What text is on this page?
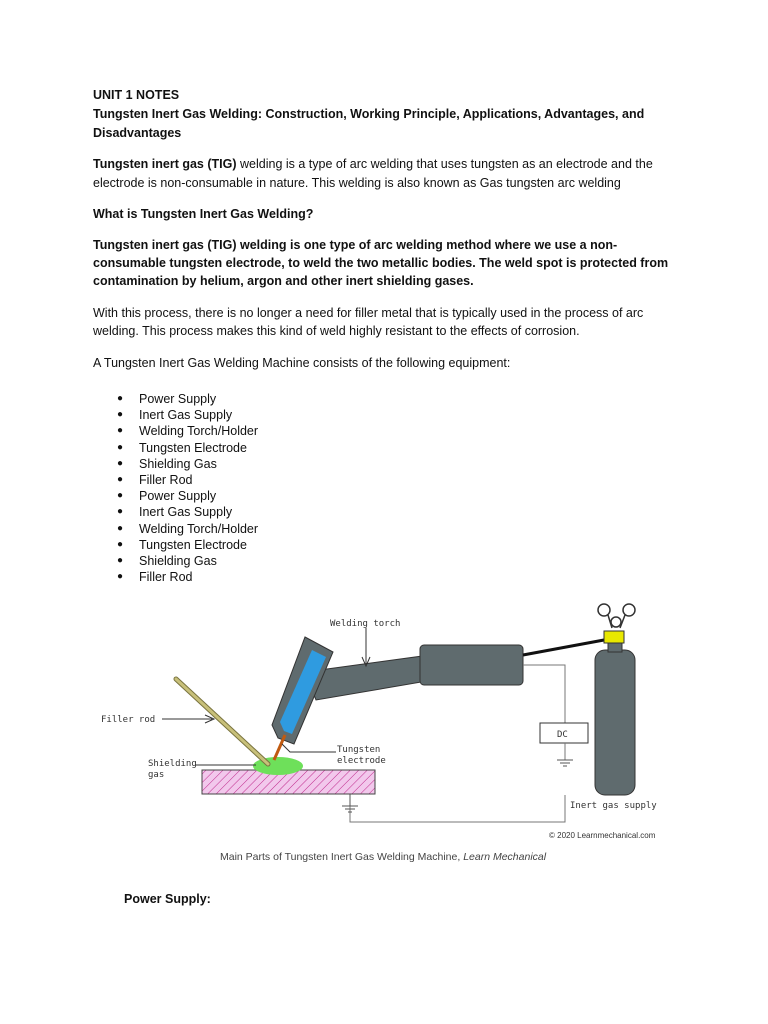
UNIT 1 NOTES
Tungsten Inert Gas Welding: Construction, Working Principle, Applications, Advantages, and
Disadvantages
Tungsten inert gas (TIG) welding is a type of arc welding that uses tungsten as an electrode and the
electrode is non-consumable in nature. This welding is also known as Gas tungsten arc welding
What is Tungsten Inert Gas Welding?
Tungsten inert gas (TIG) welding is one type of arc welding method where we use a non-
consumable tungsten electrode, to weld the two metallic bodies. The weld spot is protected from
contamination by helium, argon and other inert shielding gases.
With this process, there is no longer a need for filler metal that is typically used in the process of arc
welding. This process makes this kind of weld highly resistant to the effects of corrosion.
A Tungsten Inert Gas Welding Machine consists of the following equipment:
● Power Supply
● Inert Gas Supply
● Welding Torch/Holder
● Tungsten Electrode
● Shielding Gas
● Filler Rod
● Power Supply
● Inert Gas Supply
● Welding Torch/Holder
● Tungsten Electrode
● Shielding Gas
● Filler Rod
Welding torch
Filler rod
Shielding
gas
Tungsten
electrode
DC
Inert gas supply
© 2020 Learnmechanical.com
Main Parts of Tungsten Inert Gas Welding Machine, Learn Mechanical
Power Supply:
